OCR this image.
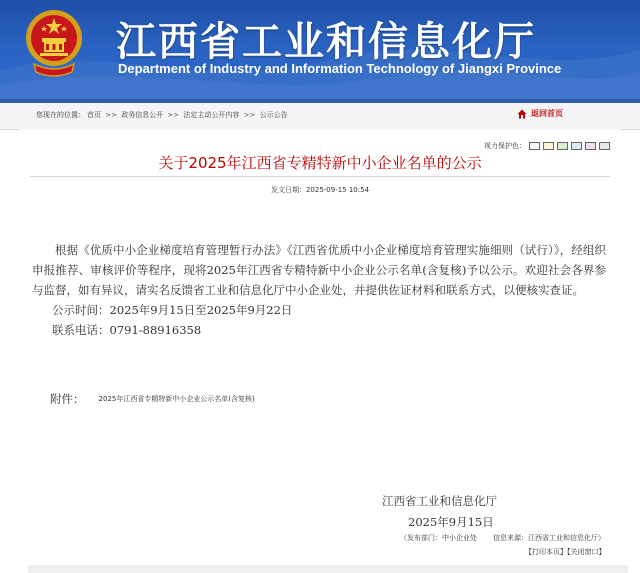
江西省工业和信息化厅
Department of Industry and Information Technology of Jiangxi Province
您现在的位置： 首页 >> 政务信息公开 >> 法定主动公开内容 >> 公示公告	返回首页
视力保护色：
关于2025年江西省专精特新中小企业名单的公示
发文日期：2025-09-15 10:54

根据《优质中小企业梯度培育管理暂行办法》《江西省优质中小企业梯度培育管理实施细则（试行）》，经组织申报推荐、审核评价等程序，现将2025年江西省专精特新中小企业公示名单(含复核)予以公示。欢迎社会各界参与监督，如有异议，请实名反馈省工业和信息化厅中小企业处，并提供佐证材料和联系方式，以便核实查证。

公示时间：2025年9月15日至2025年9月22日

联系电话：0791-88916358

附件： 2025年江西省专精特新中小企业公示名单(含复核)
江西省工业和信息化厅
2025年9月15日
（发布部门：中小企业处 信息来源：江西省工业和信息化厅）
【打印本页】【关闭窗口】
